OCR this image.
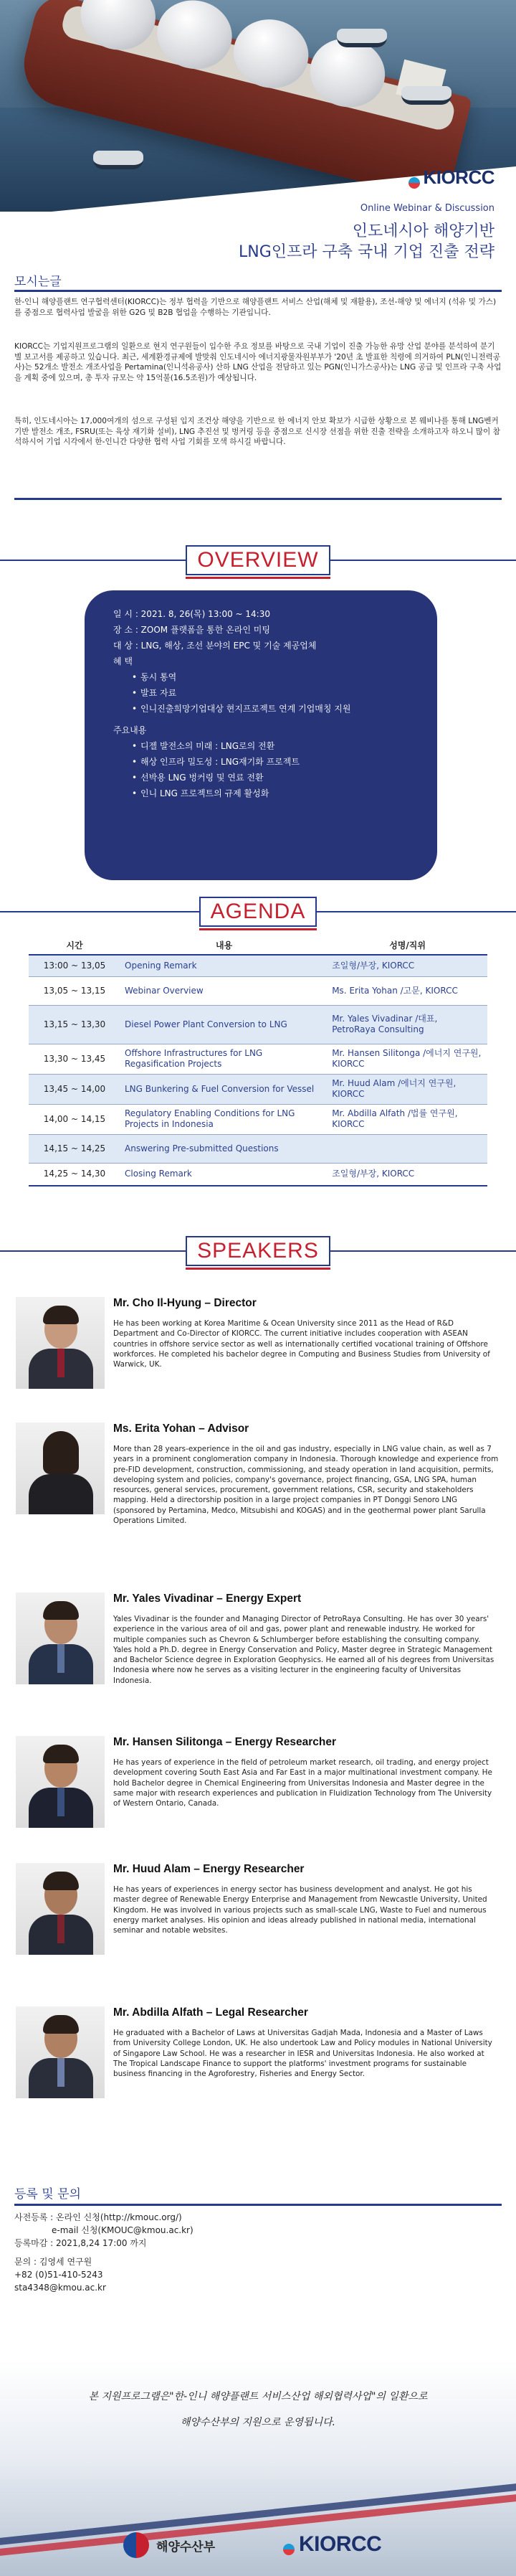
KIORCC
Online Webinar & Discussion
인도네시아 해양기반
LNG인프라 구축 국내 기업 진출 전략
모시는글
한-인니 해양플랜트 연구협력센터(KIORCC)는 정부 협력을 기반으로 해양플랜트 서비스 산업(해체 및 재활용), 조선-해양 및 에너지 (석유 및 가스)를 중점으로 협력사업 발굴을 위한 G2G 및 B2B 협업을 수행하는 기관입니다.
KIORCC는 기업지원프로그램의 일환으로 현지 연구원들이 입수한 주요 정보를 바탕으로 국내 기업이 진출 가능한 유망 산업 분야를 분석하여 분기별 보고서를 제공하고 있습니다. 최근, 세계환경규제에 발맞춰 인도네시아 에너지광물자원부부가 '20년 초 발표한 칙령에 의거하여 PLN(인니전력공사)는 52개소 발전소 개조사업을 Pertamina(인니석유공사) 산하 LNG 산업을 전담하고 있는 PGN(인니가스공사)는 LNG 공급 및 인프라 구축 사업을 계획 중에 있으며, 총 투자 규모는 약 15억불(16.5조원)가 예상됩니다.
특히, 인도네시아는 17,000여개의 섬으로 구성된 입지 조건상 해양을 기반으로 한 에너지 안보 확보가 시급한 상황으로 본 웨비나를 통해 LNG벤커 기반 발전소 개조, FSRU(또는 육상 재기화 설비), LNG 추진선 및 벙커링 등을 중점으로 신시장 선점을 위한 진출 전략을 소개하고자 하오니 많이 참석하시어 기업 시각에서 한-인니간 다양한 협력 사업 기회를 모색 하시길 바랍니다.
OVERVIEW
일 시 : 2021. 8, 26(목) 13:00 ~ 14:30
장 소 : ZOOM 플랫폼을 통한 온라인 미팅
대 상 : LNG, 해상, 조선 분야의 EPC 및 기술 제공업체
혜 택
• 동시 통역
• 발표 자료
• 인니진출희망기업대상 현지프로젝트 연계 기업매칭 지원
주요내용
• 디젤 발전소의 미래 : LNG로의 전환
• 해상 인프라 밀도성 : LNG재기화 프로젝트
• 선박용 LNG 벙커링 및 연료 전환
• 인니 LNG 프로젝트의 규제 활성화
AGENDA
시간	내용	성명/직위
13:00 ~ 13,05	Opening Remark	조일형/부장, KIORCC
13,05 ~ 13,15	Webinar Overview	Ms. Erita Yohan /고문, KIORCC
13,15 ~ 13,30	Diesel Power Plant Conversion to LNG	Mr. Yales Vivadinar /대표, PetroRaya Consulting
13,30 ~ 13,45	Offshore Infrastructures for LNG Regasification Projects	Mr. Hansen Silitonga /에너지 연구원, KIORCC
13,45 ~ 14,00	LNG Bunkering & Fuel Conversion for Vessel	Mr. Huud Alam /에너지 연구원, KIORCC
14,00 ~ 14,15	Regulatory Enabling Conditions for LNG Projects in Indonesia	Mr. Abdilla Alfath /법률 연구원, KIORCC
14,15 ~ 14,25	Answering Pre-submitted Questions	
14,25 ~ 14,30	Closing Remark	조일형/부장, KIORCC
SPEAKERS
Mr. Cho Il-Hyung – Director
He has been working at Korea Maritime & Ocean University since 2011 as the Head of R&D Department and Co-Director of KIORCC. The current initiative includes cooperation with ASEAN countries in offshore service sector as well as internationally certified vocational training of Offshore workforces. He completed his bachelor degree in Computing and Business Studies from University of Warwick, UK.
Ms. Erita Yohan – Advisor
More than 28 years-experience in the oil and gas industry, especially in LNG value chain, as well as 7 years in a prominent conglomeration company in Indonesia. Thorough knowledge and experience from pre-FID development, construction, commissioning, and steady operation in land acquisition, permits, developing system and policies, company's governance, project financing, GSA, LNG SPA, human resources, general services, procurement, government relations, CSR, security and stakeholders mapping. Held a directorship position in a large project companies in PT Donggi Senoro LNG (sponsored by Pertamina, Medco, Mitsubishi and KOGAS) and in the geothermal power plant Sarulla Operations Limited.
Mr. Yales Vivadinar – Energy Expert
Yales Vivadinar is the founder and Managing Director of PetroRaya Consulting. He has over 30 years' experience in the various area of oil and gas, power plant and renewable industry. He worked for multiple companies such as Chevron & Schlumberger before establishing the consulting company. Yales hold a Ph.D. degree in Energy Conservation and Policy, Master degree in Strategic Management and Bachelor Science degree in Exploration Geophysics. He earned all of his degrees from Universitas Indonesia where now he serves as a visiting lecturer in the engineering faculty of Universitas Indonesia.
Mr. Hansen Silitonga – Energy Researcher
He has years of experience in the field of petroleum market research, oil trading, and energy project development covering South East Asia and Far East in a major multinational investment company. He hold Bachelor degree in Chemical Engineering from Universitas Indonesia and Master degree in the same major with research experiences and publication in Fluidization Technology from The University of Western Ontario, Canada.
Mr. Huud Alam – Energy Researcher
He has years of experiences in energy sector has business development and analyst. He got his master degree of Renewable Energy Enterprise and Management from Newcastle University, United Kingdom. He was involved in various projects such as small-scale LNG, Waste to Fuel and numerous energy market analyses. His opinion and ideas already published in national media, international seminar and notable websites.
Mr. Abdilla Alfath – Legal Researcher
He graduated with a Bachelor of Laws at Universitas Gadjah Mada, Indonesia and a Master of Laws from University College London, UK. He also undertook Law and Policy modules in National University of Singapore Law School. He was a researcher in IESR and Universitas Indonesia. He also worked at The Tropical Landscape Finance to support the platforms' investment programs for sustainable business financing in the Agroforestry, Fisheries and Energy Sector.
등록 및 문의
사전등록 : 온라인 신청(http://kmouc.org/)
e-mail 신청(KMOUC@kmou.ac.kr)
등록마감 : 2021,8,24 17:00 까지
문의 : 김영세 연구원
+82 (0)51-410-5243
sta4348@kmou.ac.kr
본 지원프로그램은"한-인니 해양플랜트 서비스산업 해외협력사업"의 일환으로
해양수산부의 지원으로 운영됩니다.
해양수산부	KIORCC
